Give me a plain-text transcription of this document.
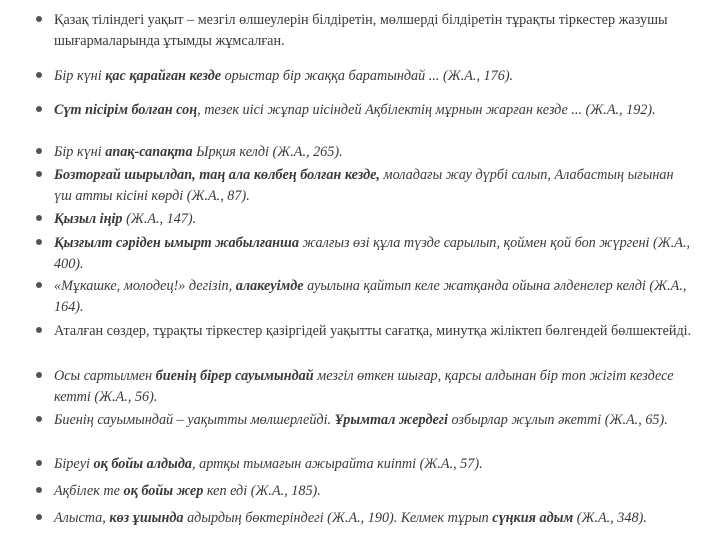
Қазақ тіліндегі уақыт – мезгіл өлшеулерін білдіретін, мөлшерді білдіретін тұрақты тіркестер жазушы шығармаларында ұтымды жұмсалған.
Бір күні қас қарайған кезде орыстар бір жаққа баратындай ... (Ж.А., 176).
Сүт пісірім болған соң, тезек иісі жұпар иісіндей Ақбілектің мұрнын жарған кезде ... (Ж.А., 192).
Бір күні апақ-сапақта Ырқия келді (Ж.А., 265).
Бозторғай шырылдап, таң ала көлбең болған кезде, моладағы жау дүрбі салып, Алабастың ығынан үш атты кісіні көрді (Ж.А., 87).
Қызыл іңір (Ж.А., 147).
Қызғылт сәріден ымырт жабылғанша жалғыз өзі құла түзде сарылып, қоймен қой боп жүргені (Ж.А., 400).
«Мұкашке, молодец!» дегізіп, алакеуімде ауылына қайтып келе жатқанда ойына әлденелер келді (Ж.А., 164).
Аталған сөздер, тұрақты тіркестер қазіргідей уақытты сағатқа, минутқа жіліктеп бөлгендей бөлшектейді.
Осы сартылмен биенің бірер сауымындай мезгіл өткен шығар, қарсы алдынан бір топ жігіт кездесе кетті (Ж.А., 56).
Биенің сауымындай – уақытты мөлшерлейді. Ұрымтал жердегі озбырлар жұлып әкетті (Ж.А., 65).
Біреуі оқ бойы алдыда, артқы тымағын ажырайта киіпті (Ж.А., 57).
Ақбілек те оқ бойы жер кеп еді (Ж.А., 185).
Алыста, көз ұшында адырдың бөктеріндегі (Ж.А., 190). Келмек тұрып сүңкия адым (Ж.А., 348).
